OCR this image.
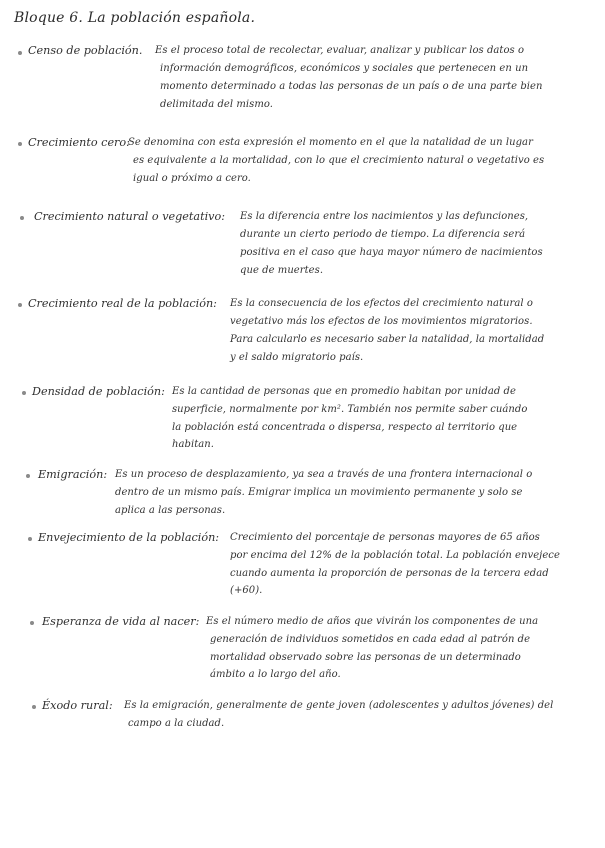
Bloque 6. La población española.
Censo de población. Es el proceso total de recolectar, evaluar, analizar y publicar los datos o
información demográficos, económicos y sociales que pertenecen en un
momento determinado a todas las personas de un país o de una parte bien
delimitada del mismo.
Crecimiento cero:
Se denomina con esta expresión el momento en el que la natalidad de un lugar
es equivalente a la mortalidad, con lo que el crecimiento natural o vegetativo es
igual o próximo a cero.
Crecimiento natural o vegetativo: Es la diferencia entre los nacimientos y las defunciones,
durante un cierto periodo de tiempo. La diferencia será
positiva en el caso que haya mayor número de nacimientos
que de muertes.
Crecimiento real de la población: Es la consecuencia de los efectos del crecimiento natural o
vegetativo más los efectos de los movimientos migratorios.
Para calcularlo es necesario saber la natalidad, la mortalidad
y el saldo migratorio país.
Densidad de población: Es la cantidad de personas que en promedio habitan por unidad de
superficie, normalmente por km². También nos permite saber cuándo
la población está concentrada o dispersa, respecto al territorio que
habitan.
Emigración: Es un proceso de desplazamiento, ya sea a través de una frontera internacional o
dentro de un mismo país. Emigrar implica un movimiento permanente y solo se
aplica a las personas.
Envejecimiento de la población: Crecimiento del porcentaje de personas mayores de 65 años
por encima del 12% de la población total. La población envejece
cuando aumenta la proporción de personas de la tercera edad
(+60).
Esperanza de vida al nacer: Es el número medio de años que vivirán los componentes de una
generación de individuos sometidos en cada edad al patrón de
mortalidad observado sobre las personas de un determinado
ámbito a lo largo del año.
Éxodo rural: Es la emigración, generalmente de gente joven (adolescentes y adultos jóvenes) del
campo a la ciudad.
